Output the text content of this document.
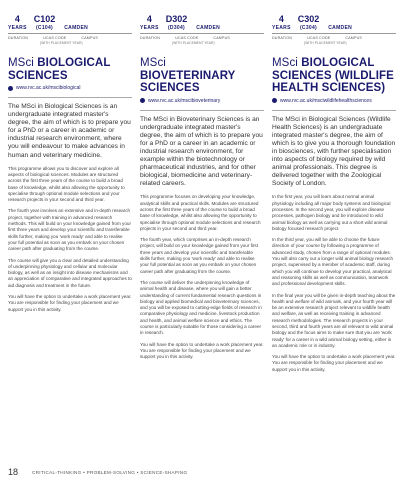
4
YEARS
C102
(C104) CAMDEN
DURATION	UCAS CODE	CAMPUS
(WITH PLACEMENT YEAR)
MSci BIOLOGICAL SCIENCES
www.rvc.ac.uk/msci​biological

The MSci in Biological Sciences is an undergraduate integrated master's degree, the aim of which is to prepare you for a PhD or a career in academic or industrial research environment, where you will endeavour to make advances in human and veterinary medicine.

This programme allows you to discover and explore all aspects of biological sciences. Modules are structured across the first three years of the course to build a broad base of knowledge, whilst also allowing the opportunity to specialise through optional module selections and your research projects in your second and third year.

The fourth year involves an extensive and in-depth research project, together with training in advanced research methods. This will build on your knowledge gained from your first three years and develop your scientific and transferable skills further, making you 'work ready' and able to realise your full potential as soon as you embark on your chosen career path after graduating from the course.

The course will give you a clear and detailed understanding of underpinning physiology and cellular and molecular biology, as well as an insight into disease mechanisms and an appreciation of comparative and integrated approaches to aid diagnosis and treatment in the future.

You will have the option to undertake a work placement year. You are responsible for finding your placement and we support you in this activity.

4
YEARS
D302
(D304) CAMDEN
DURATION	UCAS CODE	CAMPUS
(WITH PLACEMENT YEAR)
MSci BIOVETERINARY SCIENCES
www.rvc.ac.uk/mscibioveterinary

The MSci in Bioveterinary Sciences is an undergraduate integrated master's degree, the aim of which is to prepare you for a PhD or a career in an academic or industrial research environment, for example within the biotechnology or pharmaceutical industries, and for other biological, biomedicine and veterinary-related careers.

This programme focuses on developing your knowledge, analytical skills and practical skills. Modules are structured across the first three years of the course to build a broad base of knowledge, whilst also allowing the opportunity to specialise through optional module selections and research projects in your second and third year.

The fourth year, which comprises an in-depth research project, will build on your knowledge gained from your first three years and develop your scientific and transferable skills further, making you 'work ready' and able to realise your full potential as soon as you embark on your chosen career path after graduating from the course.

The course will deliver the underpinning knowledge of animal health and disease, where you will gain a better understanding of current fundamental research questions in biology and applied biomedical and bioveterinary sciences, and you will be exposed to cutting-edge fields of research in comparative physiology and medicine, livestock production and health, and animal welfare science and ethics. The course is particularly suitable for those considering a career in research.

You will have the option to undertake a work placement year. You are responsible for finding your placement and we support you in this activity.

4
YEARS
C302
(C304) CAMDEN
DURATION	UCAS CODE	CAMPUS
(WITH PLACEMENT YEAR)
MSci BIOLOGICAL SCIENCES (WILDLIFE HEALTH SCIENCES)
www.rvc.ac.uk/msciwildlifehealthsciences

The MSci in Biological Sciences (Wildlife Health Sciences) is an undergraduate integrated master's degree, the aim of which is to give you a thorough foundation in biosciences, with further specialisation into aspects of biology required by wild animal professionals. This degree is delivered together with the Zoological Society of London.

In the first year, you will learn about normal animal physiology including all major body systems and biological processes. In the second year, you will explore disease processes, pathogen biology and be introduced to wild animal biology as well as carrying out a short wild animal biology focused research project.

In the third year, you will be able to choose the future direction of your course by following a programme of advanced study, chosen from a range of optional modules. You will also carry out a longer wild animal biology research project, supervised by a member of academic staff, during which you will continue to develop your practical, analytical and reasoning skills as well as communication, teamwork and professional development skills.

In the final year you will be given in-depth teaching about the health and welfare of wild animals, and your fourth year will be an extensive research project relevant to wildlife health and welfare, as well as receiving training in advanced research methodologies. The research projects in your second, third and fourth years are all relevant to wild animal biology and the focus aims to make sure that you are 'work ready' for a career in a wild animal biology setting, either in an academic role or in industry.

You will have the option to undertake a work placement year. You are responsible for finding your placement and we support you in this activity.

18	CRITICAL-THINKING • PROBLEM-SOLVING • SCIENCE-SHAPING
